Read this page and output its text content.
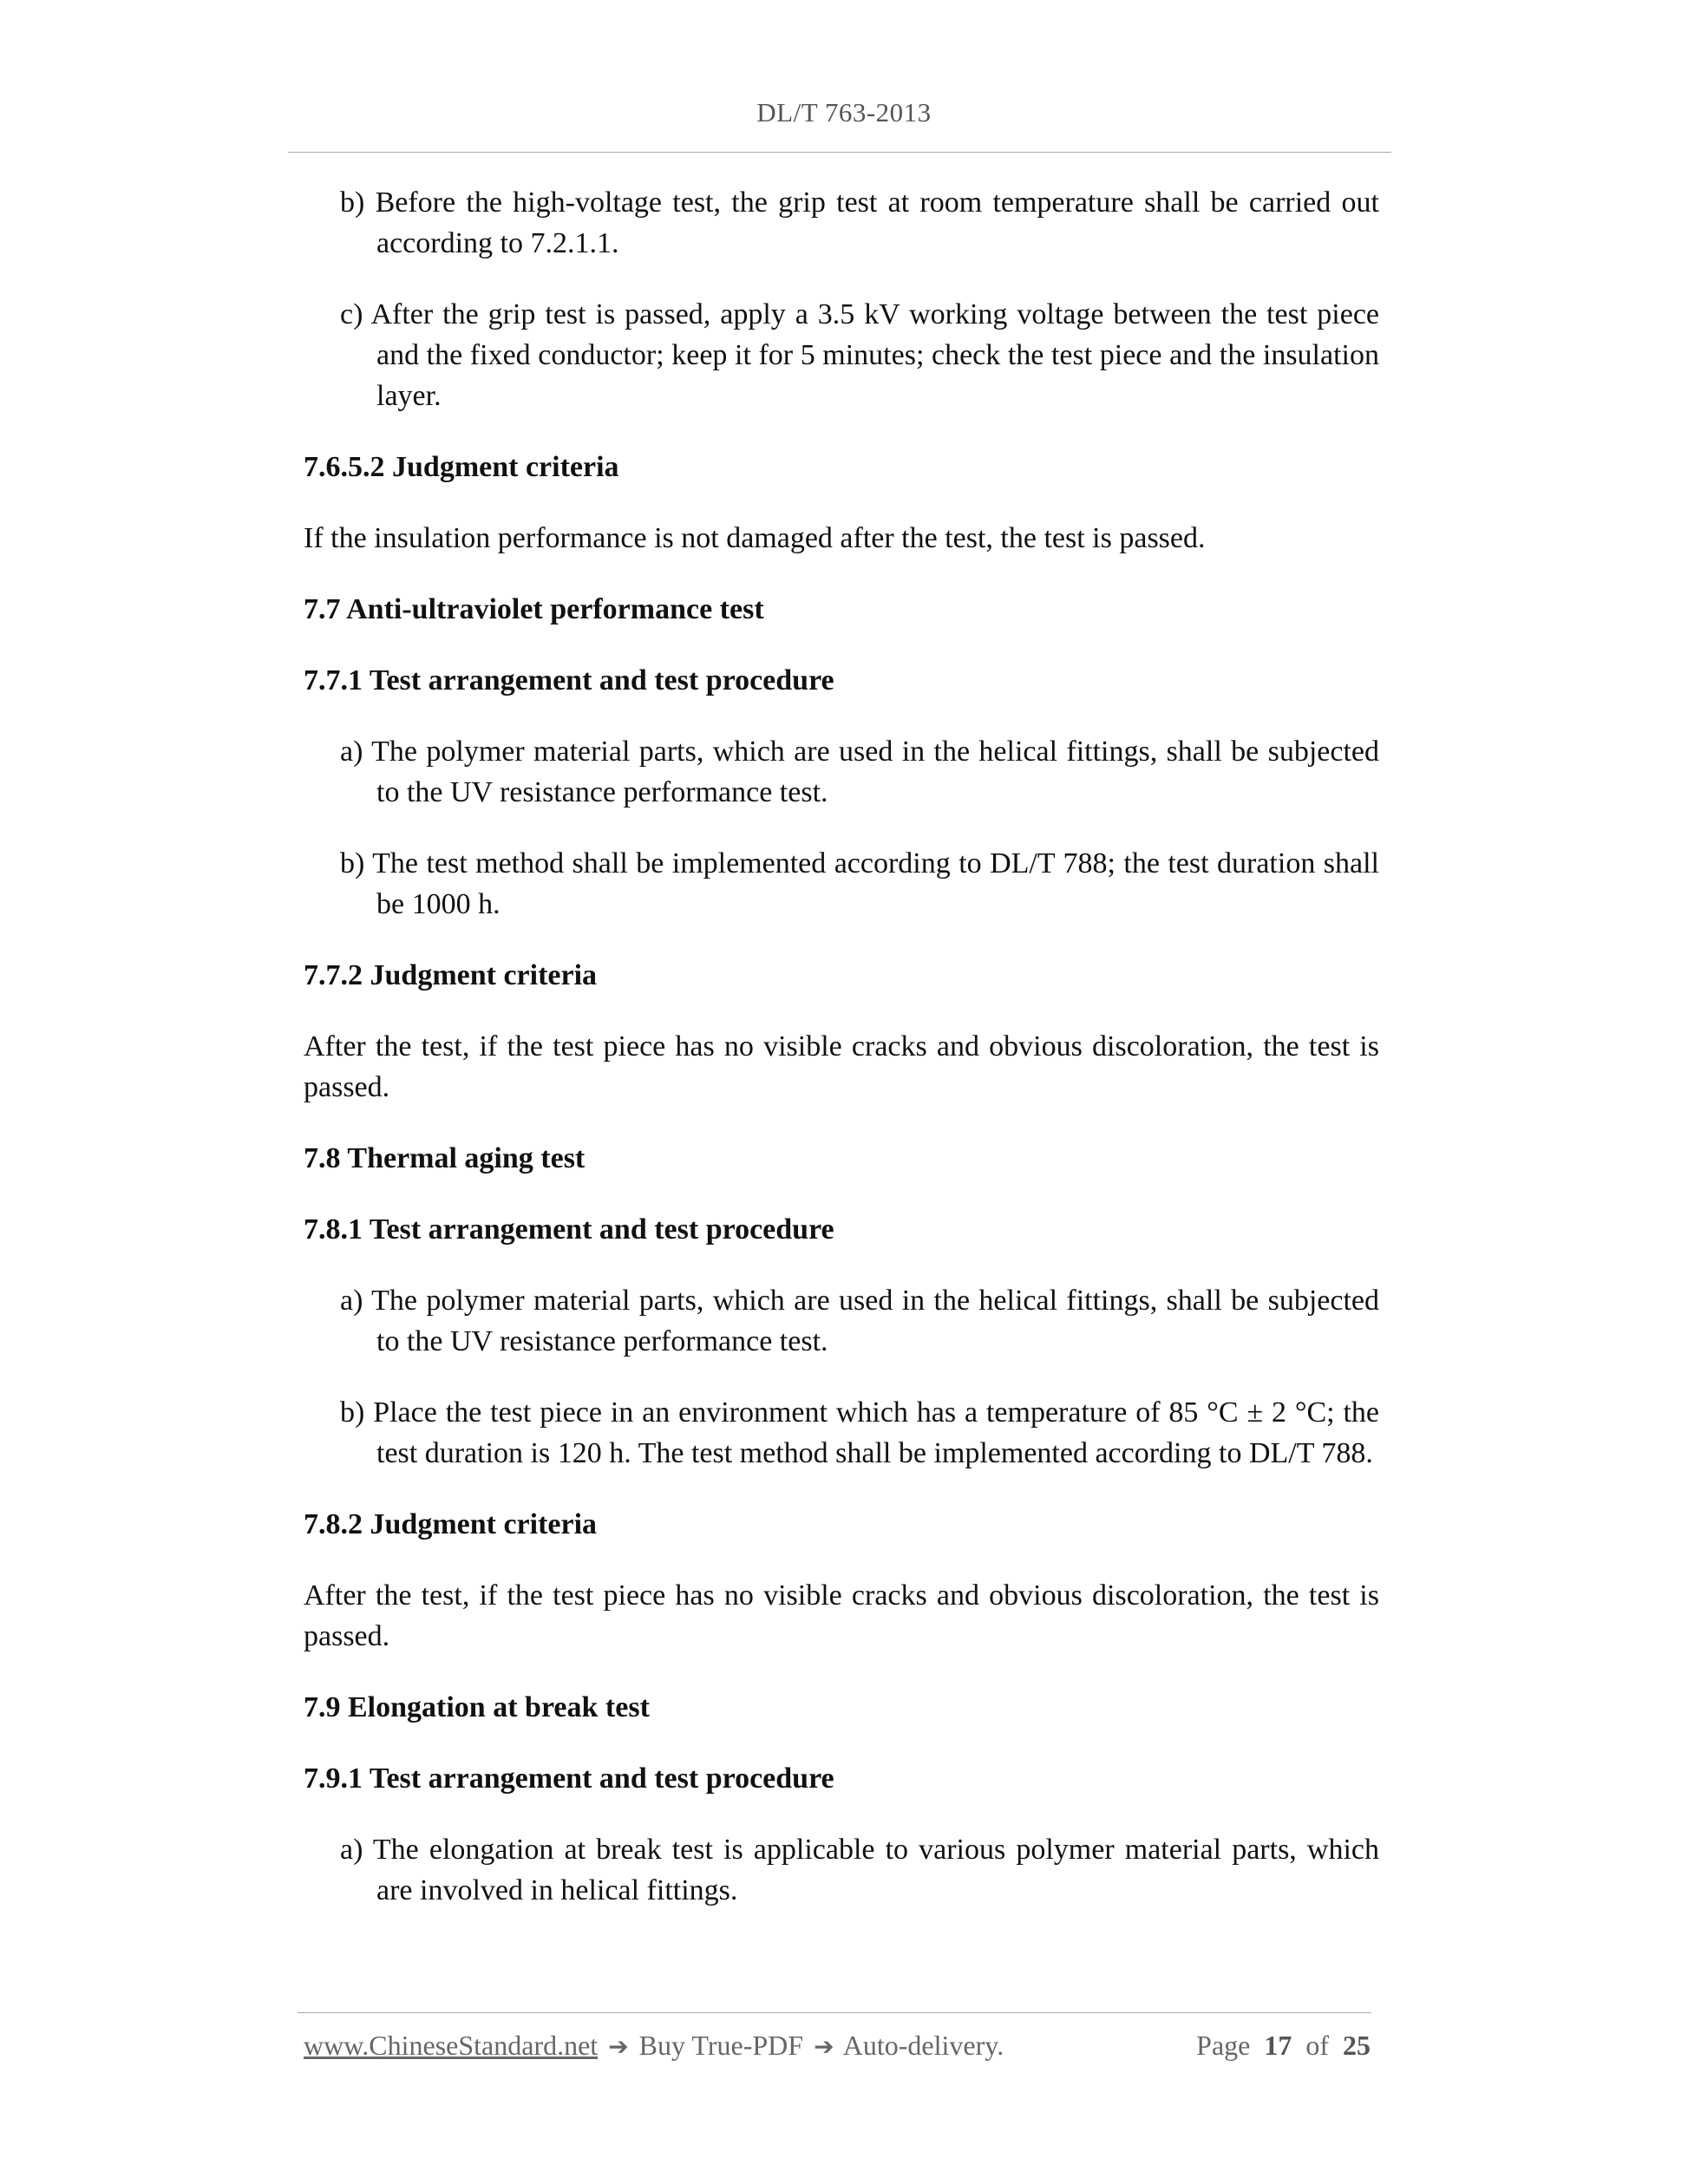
DL/T 763-2013
b) Before the high-voltage test, the grip test at room temperature shall be carried out according to 7.2.1.1.
c) After the grip test is passed, apply a 3.5 kV working voltage between the test piece and the fixed conductor; keep it for 5 minutes; check the test piece and the insulation layer.
7.6.5.2 Judgment criteria
If the insulation performance is not damaged after the test, the test is passed.
7.7 Anti-ultraviolet performance test
7.7.1 Test arrangement and test procedure
a) The polymer material parts, which are used in the helical fittings, shall be subjected to the UV resistance performance test.
b) The test method shall be implemented according to DL/T 788; the test duration shall be 1000 h.
7.7.2 Judgment criteria
After the test, if the test piece has no visible cracks and obvious discoloration, the test is passed.
7.8 Thermal aging test
7.8.1 Test arrangement and test procedure
a) The polymer material parts, which are used in the helical fittings, shall be subjected to the UV resistance performance test.
b) Place the test piece in an environment which has a temperature of 85 °C ± 2 °C; the test duration is 120 h. The test method shall be implemented according to DL/T 788.
7.8.2 Judgment criteria
After the test, if the test piece has no visible cracks and obvious discoloration, the test is passed.
7.9 Elongation at break test
7.9.1 Test arrangement and test procedure
a) The elongation at break test is applicable to various polymer material parts, which are involved in helical fittings.
www.ChineseStandard.net ➔ Buy True-PDF ➔ Auto-delivery.	Page 17 of 25
